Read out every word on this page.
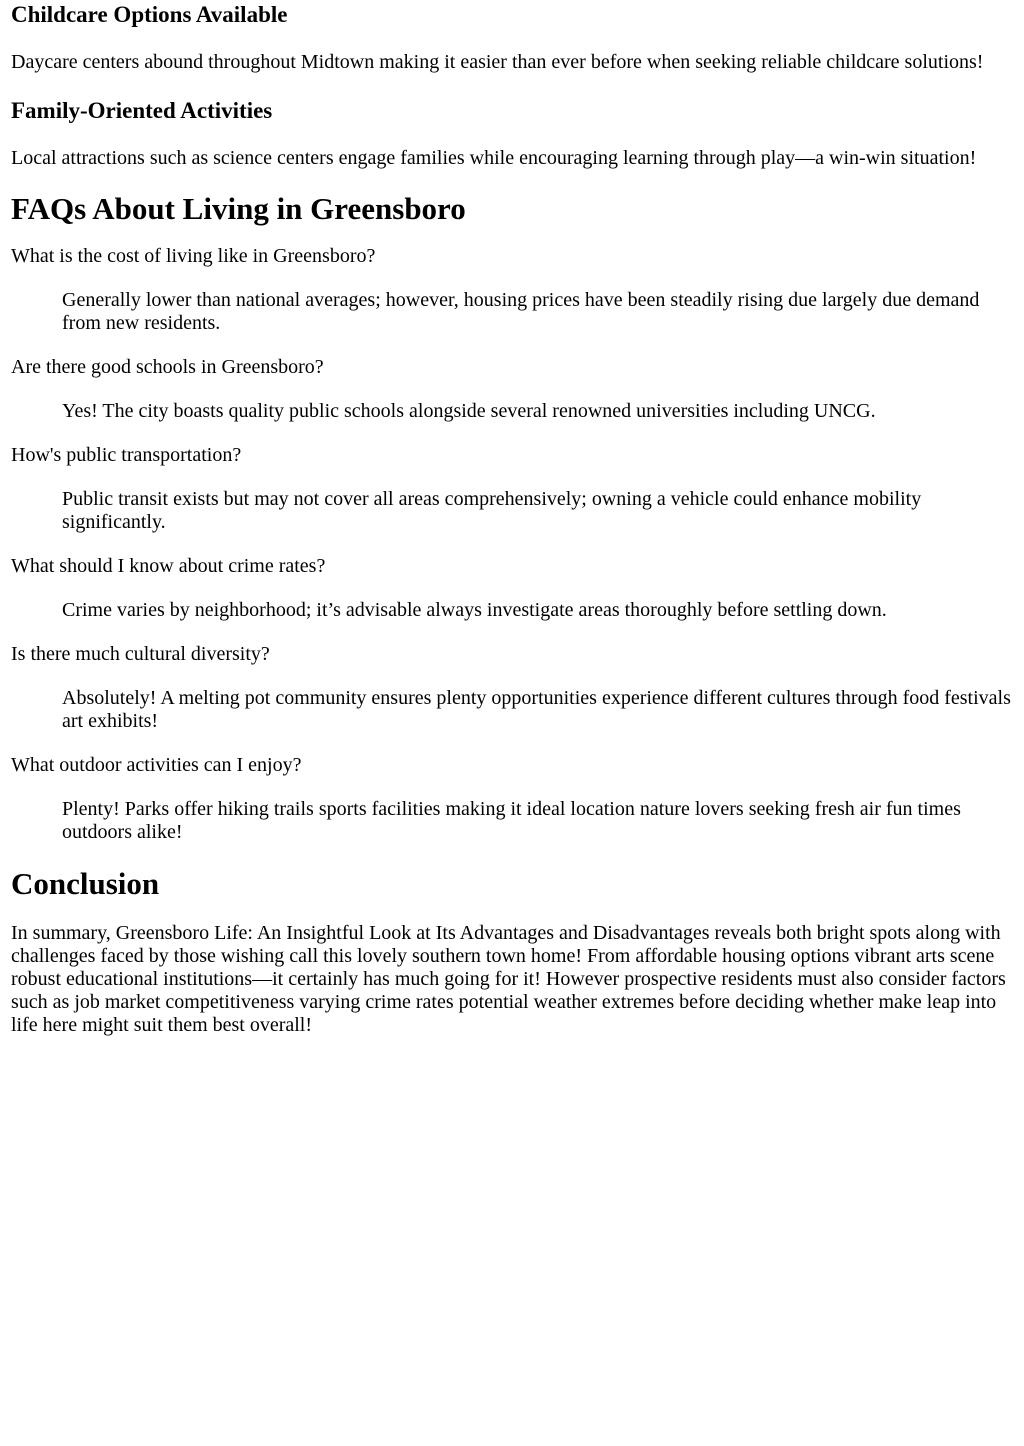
Childcare Options Available

Daycare centers abound throughout Midtown making it easier than ever before when seeking reliable childcare solutions!

Family-Oriented Activities

Local attractions such as science centers engage families while encouraging learning through play—a win-win situation!

FAQs About Living in Greensboro
What is the cost of living like in Greensboro?
Generally lower than national averages; however, housing prices have been steadily rising due largely due demand from new residents.
Are there good schools in Greensboro?
Yes! The city boasts quality public schools alongside several renowned universities including UNCG.
How's public transportation?
Public transit exists but may not cover all areas comprehensively; owning a vehicle could enhance mobility significantly.
What should I know about crime rates?
Crime varies by neighborhood; it’s advisable always investigate areas thoroughly before settling down.
Is there much cultural diversity?
Absolutely! A melting pot community ensures plenty opportunities experience different cultures through food festivals art exhibits!
What outdoor activities can I enjoy?
Plenty! Parks offer hiking trails sports facilities making it ideal location nature lovers seeking fresh air fun times outdoors alike!
Conclusion

In summary, Greensboro Life: An Insightful Look at Its Advantages and Disadvantages reveals both bright spots along with challenges faced by those wishing call this lovely southern town home! From affordable housing options vibrant arts scene robust educational institutions—it certainly has much going for it! However prospective residents must also consider factors such as job market competitiveness varying crime rates potential weather extremes before deciding whether make leap into life here might suit them best overall!
